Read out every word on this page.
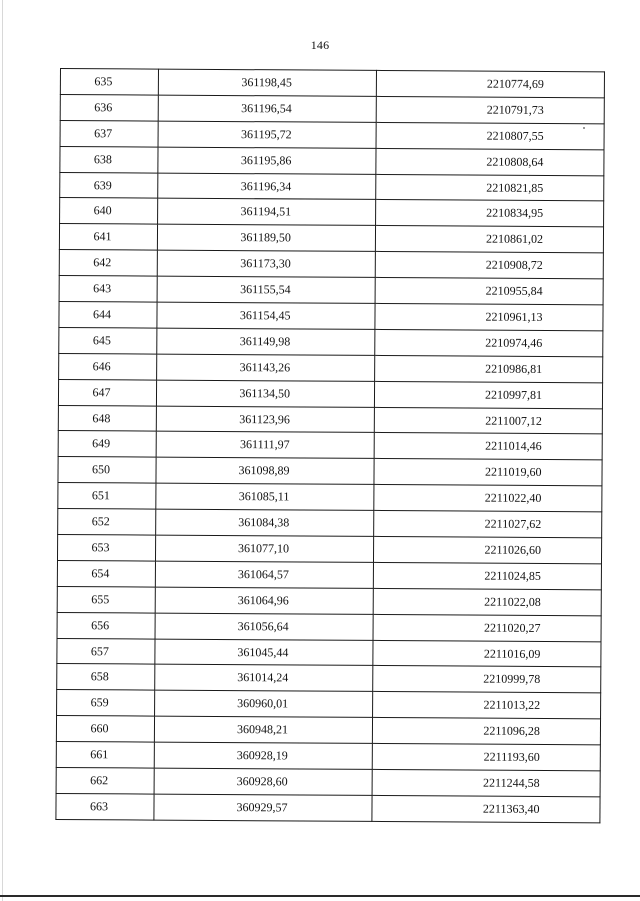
146
635	361198,45	2210774,69
636	361196,54	2210791,73
637	361195,72	2210807,55
638	361195,86	2210808,64
639	361196,34	2210821,85
640	361194,51	2210834,95
641	361189,50	2210861,02
642	361173,30	2210908,72
643	361155,54	2210955,84
644	361154,45	2210961,13
645	361149,98	2210974,46
646	361143,26	2210986,81
647	361134,50	2210997,81
648	361123,96	2211007,12
649	361111,97	2211014,46
650	361098,89	2211019,60
651	361085,11	2211022,40
652	361084,38	2211027,62
653	361077,10	2211026,60
654	361064,57	2211024,85
655	361064,96	2211022,08
656	361056,64	2211020,27
657	361045,44	2211016,09
658	361014,24	2210999,78
659	360960,01	2211013,22
660	360948,21	2211096,28
661	360928,19	2211193,60
662	360928,60	2211244,58
663	360929,57	2211363,40
